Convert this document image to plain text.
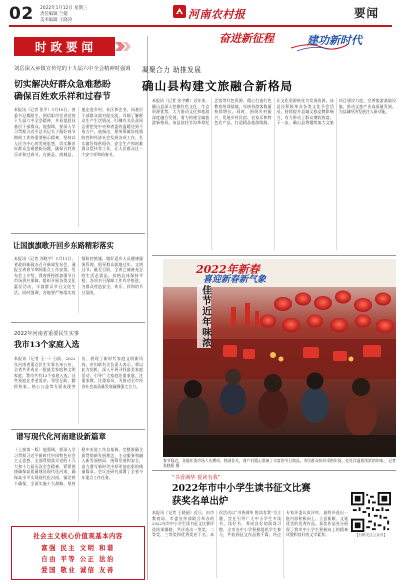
02 2022年1月12日 星期三
责任编辑 兰媛
美术编辑 王晓涛	河南农村报	要闻
时政要闻
刘岳深入乡镇宣传党的十九届六中全会精神时强调
切实解决好群众急难愁盼
确保百姓欢乐祥和过春节
本报讯（记者 张平）1月10日，省委书记楼阳生，到信阳市宣讲党的十九届六中全会精神，并看望慰问基层干部群众。他强调，要深入学习贯彻习近平总书记关于做好春节期间工作的重要指示精神，坚持以人民为中心的发展思想，切实解决好群众急难愁盼问题，确保百姓欢乐祥和过春节。在新县、商城县，他走进乡村、社区和企业，同基层干部群众面对面交流，详细了解群众生产生活情况，叮嘱有关负责同志要把党中央和省委的温暖送到千家万户。他指出，要统筹做好疫情防控和经济社会发展各项工作，扎实做好保供稳价、安全生产和困难群众帮扶等工作，让人民群众过一个安宁祥和的春节。
让国旗旗歌开回乡东路精彩落实
本报讯（记者 刘晓宇）1月11日，省政府新闻办召开新闻发布会，通报全省春节期间重点工作安排。发布会上介绍，我省将持续加强节日市场供应保障，组织开展各类文化惠民活动，丰富群众节日文化生活。同时强调，各地要严格落实疫情防控措施，做好返乡人员健康服务管理，倡导群众就地过年、文明过节。截至目前，全省已储备充足的生活必需品，价格总体保持平稳，各项节日保障工作有序推进，为群众营造安全、欢乐、祥和的节日氛围。
2022年河南省重要民生实事
我市13个家庭入选
本报讯（记者 王一）日前，2022年河南省重点民生实事名单公布，全省共评选出一批最美家庭和文明家庭，我市共有13个家庭入选。这些家庭在孝老爱亲、邻里互助、勤俭持家、热心公益等方面表现突出，展现了新时代家庭文明新风尚。市妇联有关负责人表示，将以此为契机，深入开展寻找最美家庭活动，引导广大家庭注重家庭、注重家教、注重家风，为推动全市经济社会高质量发展凝聚强大合力。
谱写现代化河南建设新篇章
（上接第一版）他强调，要深入学习贯彻习近平新时代中国特色社会主义思想，全面贯彻落实党的十九大和十九届历次全会精神，紧紧围绕确保高质量建设现代化河南、确保高水平实现现代化河南，锚定两个确保，全面实施十大战略，坚持稳中求进工作总基调，完整准确全面贯彻新发展理念，主动服务和融入新发展格局，统筹发展和安全，奋力谱写新时代中原更加出彩的绚丽篇章。会议还研究部署了全省今年重点工作任务。
奋进新征程	建功新时代
凝聚合力 助推发展
确山县构建文旅融合新格局
本报讯（记者 张宇鹏）近年来，确山县深入挖掘红色文化、生态资源优势，大力推动文化和旅游深度融合发展，着力构建全域旅游新格局。该县依托竹沟革命纪念馆等红色资源，精心打造红色教育培训基地，年接待游客数量持续增长。同时，围绕乡村振兴，发展乡村民宿、农家乐和特色农产品，打造精品旅游线路，让文化资源转化为发展资源。该县还积极举办各类文化节会活动，持续提升县域文旅品牌影响力，有力带动了群众增收致富。下一步，确山县将继续加大文旅项目建设力度，完善旅游基础设施，推动文旅产业高质量发展，为县域经济发展注入新动能。
2022年新春
喜迎新春新气象
佳节近年味浓
春节临近，各地年货市场人头攒动、热闹非凡，商户们精心准备了丰富的节日商品，市民群众纷纷采购年货，处处洋溢着浓浓的年味。 记者 张晓阳 摄
“书香满华 悦读有我”
2022年市中小学生读书征文比赛
获奖名单出炉
本报讯（记者 王晓丽）近日，由市教育局、市委宣传部联合举办的2022年市中小学生读书征文比赛评选结果揭晓，共评选出一等奖、二等奖、三等奖和优秀奖若干名。本次活动以“书香满华 悦读有我”为主题，旨在引导广大中小学生多读书、读好书，养成良好的阅读习惯，全市各中小学积极组织学生参与，共收到征文作品数千篇。经过专家评委认真评审，最终评选出一批内容积极向上、立意新颖、文笔优美的优秀作品。获奖作品充分展现了我市中小学生积极向上的精神风貌和良好的文学素养。	【扫码关注公众号】
社会主义核心价值观基本内容
富强 民主 文明 和谐
自由 平等 公正 法治
爱国 敬业 诚信 友善
